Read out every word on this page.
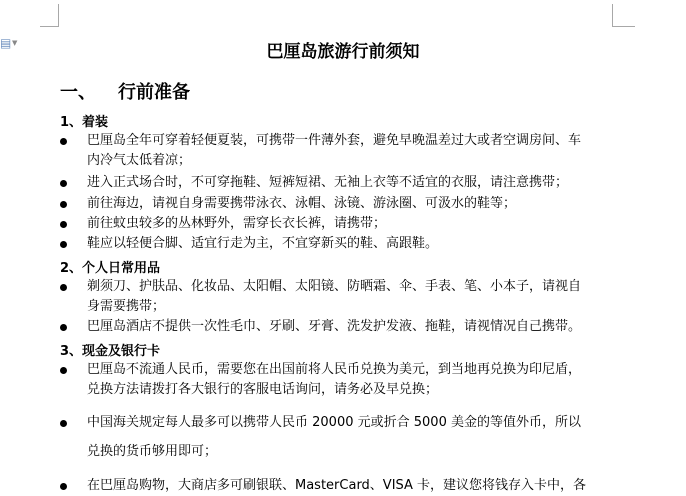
▤ ▼	巴厘岛旅游行前须知
一、 行前准备
1、着装
巴厘岛全年可穿着轻便夏装，可携带一件薄外套，避免早晚温差过大或者空调房间、车
内冷气太低着凉；
进入正式场合时，不可穿拖鞋、短裤短裙、无袖上衣等不适宜的衣服，请注意携带；
前往海边，请视自身需要携带泳衣、泳帽、泳镜、游泳圈、可汲水的鞋等；
前往蚊虫较多的丛林野外，需穿长衣长裤，请携带；
鞋应以轻便合脚、适宜行走为主，不宜穿新买的鞋、高跟鞋。
2、个人日常用品
剃须刀、护肤品、化妆品、太阳帽、太阳镜、防晒霜、伞、手表、笔、小本子，请视自
身需要携带；
巴厘岛酒店不提供一次性毛巾、牙刷、牙膏、洗发护发液、拖鞋，请视情况自己携带。
3、现金及银行卡
巴厘岛不流通人民币，需要您在出国前将人民币兑换为美元，到当地再兑换为印尼盾，
兑换方法请拨打各大银行的客服电话询问，请务必及早兑换；
中国海关规定每人最多可以携带人民币 20000 元或折合 5000 美金的等值外币，所以
兑换的货币够用即可；
在巴厘岛购物，大商店多可刷银联、MasterCard、VISA 卡，建议您将钱存入卡中，各
